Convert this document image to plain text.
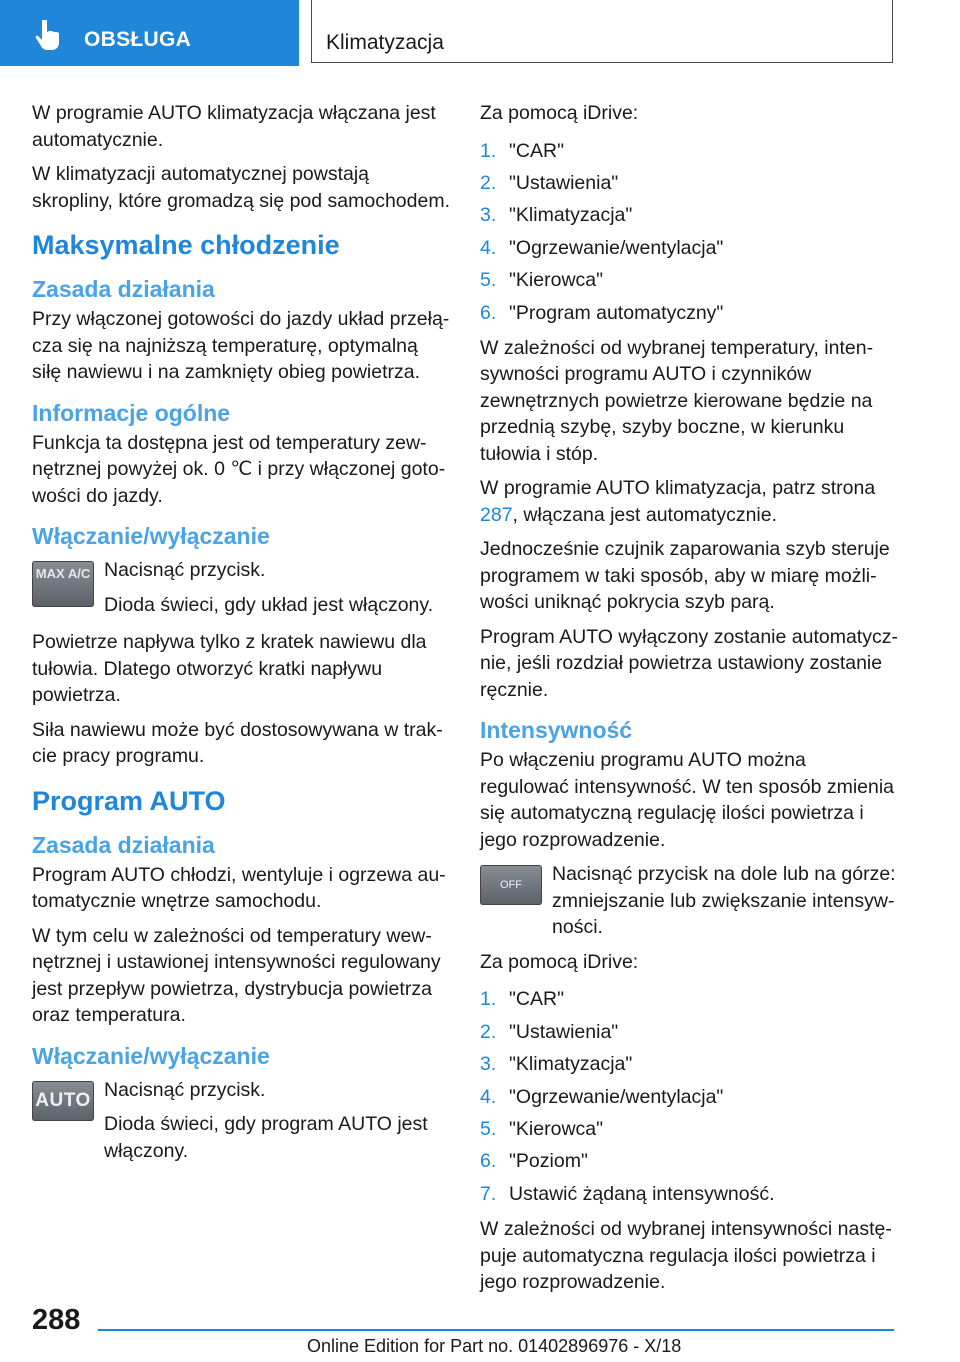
OBSŁUGA	Klimatyzacja

W programie AUTO klimatyzacja włączana jest automatycznie.

W klimatyzacji automatycznej powstają skropliny, które gromadzą się pod samochodem.

Maksymalne chłodzenie
Zasada działania

Przy włączonej gotowości do jazdy układ przełącza się na najniższą temperaturę, optymalną siłę nawiewu i na zamknięty obieg powietrza.

Informacje ogólne

Funkcja ta dostępna jest od temperatury zewnętrznej powyżej ok. 0 ℃ i przy włączonej gotowości do jazdy.

Włączanie/wyłączanie
MAX A/C Nacisnąć przycisk.

Dioda świeci, gdy układ jest włączony.

Powietrze napływa tylko z kratek nawiewu dla tułowia. Dlatego otworzyć kratki napływu powietrza.

Siła nawiewu może być dostosowywana w trakcie pracy programu.

Program AUTO
Zasada działania

Program AUTO chłodzi, wentyluje i ogrzewa automatycznie wnętrze samochodu.

W tym celu w zależności od temperatury wewnętrznej i ustawionej intensywności regulowany jest przepływ powietrza, dystrybucja powietrza oraz temperatura.

Włączanie/wyłączanie
AUTO Nacisnąć przycisk.

Dioda świeci, gdy program AUTO jest włączony.

Za pomocą iDrive:

1. "CAR"
2. "Ustawienia"
3. "Klimatyzacja"
4. "Ogrzewanie/wentylacja"
5. "Kierowca"
6. "Program automatyczny"

W zależności od wybranej temperatury, intensywności programu AUTO i czynników zewnętrznych powietrze kierowane będzie na przednią szybę, szyby boczne, w kierunku tułowia i stóp.

W programie AUTO klimatyzacja, patrz strona 287, włączana jest automatycznie.

Jednocześnie czujnik zaparowania szyb steruje programem w taki sposób, aby w miarę możliwości uniknąć pokrycia szyb parą.

Program AUTO wyłączony zostanie automatycznie, jeśli rozdział powietrza ustawiony zostanie ręcznie.

Intensywność

Po włączeniu programu AUTO można regulować intensywność. W ten sposób zmienia się automatyczną regulację ilości powietrza i jego rozprowadzenie.

OFF	Nacisnąć przycisk na dole lub na górze: zmniejszanie lub zwiększanie intensywności.

Za pomocą iDrive:

1. "CAR"
2. "Ustawienia"
3. "Klimatyzacja"
4. "Ogrzewanie/wentylacja"
5. "Kierowca"
6. "Poziom"
7. Ustawić żądaną intensywność.

W zależności od wybranej intensywności następuje automatyczna regulacja ilości powietrza i jego rozprowadzenie.

288
Online Edition for Part no. 01402896976 - X/18
